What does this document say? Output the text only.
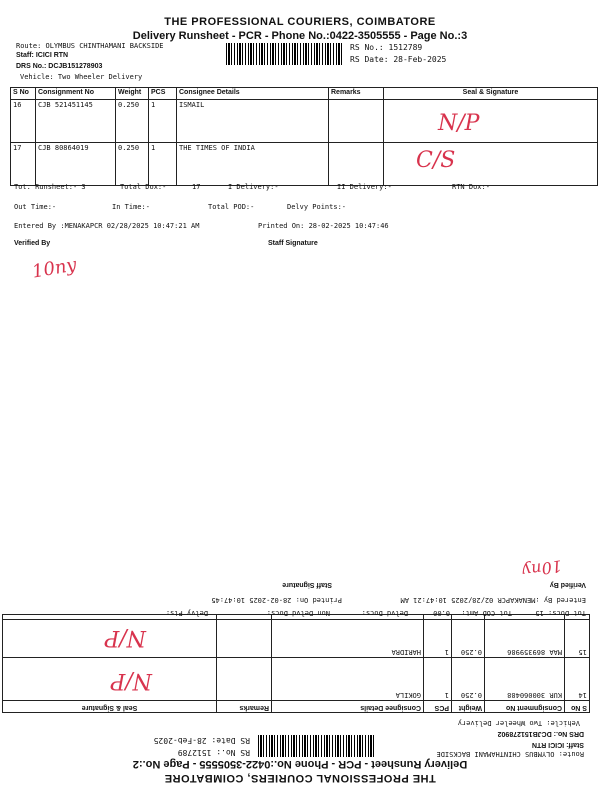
THE PROFESSIONAL COURIERS, COIMBATORE
Delivery Runsheet - PCR - Phone No.:0422-3505555 - Page No.:3
Route: OLYMBUS CHINTHAMANI BACKSIDE
Staff: ICICI RTN
DRS No.: DCJB151278903
Vehicle: Two Wheeler Delivery
RS No.: 1512789
RS Date: 28-Feb-2025
S No	Consignment No	Weight	PCS	Consignee Details	Remarks	Seal & Signature
16	CJB 521451145	0.250	1	ISMAIL		N/P
17	CJB 80864019	0.250	1	THE TIMES OF INDIA		C/S
Tot. Runsheet:- 3	Total Dox:-	17	I Delivery:-	II Delivery:-	RTN Dox:-
Out Time:-	In Time:-	Total POD:-	Delvy Points:-
Entered By :MENAKAPCR 02/28/2025 10:47:21 AM	Printed On: 28-02-2025 10:47:46
Verified By	Staff Signature
10ny
THE PROFESSIONAL COURIERS, COIMBATORE
Delivery Runsheet - PCR - Phone No.:0422-3505555 - Page No.:2
Route: OLYMBUS CHINTHAMANI BACKSIDE
Staff: ICICI RTN
DRS No.: DCJB151278902
Vehicle: Two Wheeler Delivery
RS No.: 1512789
RS Date: 28-Feb-2025
S No	Consignment No	Weight	PCS	Consignee Details	Remarks	Seal & Signature
14	KUR 300060488	0.250	1	GOKILA		N/P
15	MAA 869359986	0.250	1	HARIDRA		N/P
Tot Docs: 15
Tot COD Amt:
0.00
Delvd Docs:
Non Delvd Docs:
Delvy Pts:
Entered By :MENAKAPCR 02/28/2025 10:47:21 AM
Printed On: 28-02-2025 10:47:45
Verified By
Staff Signature
10ny
